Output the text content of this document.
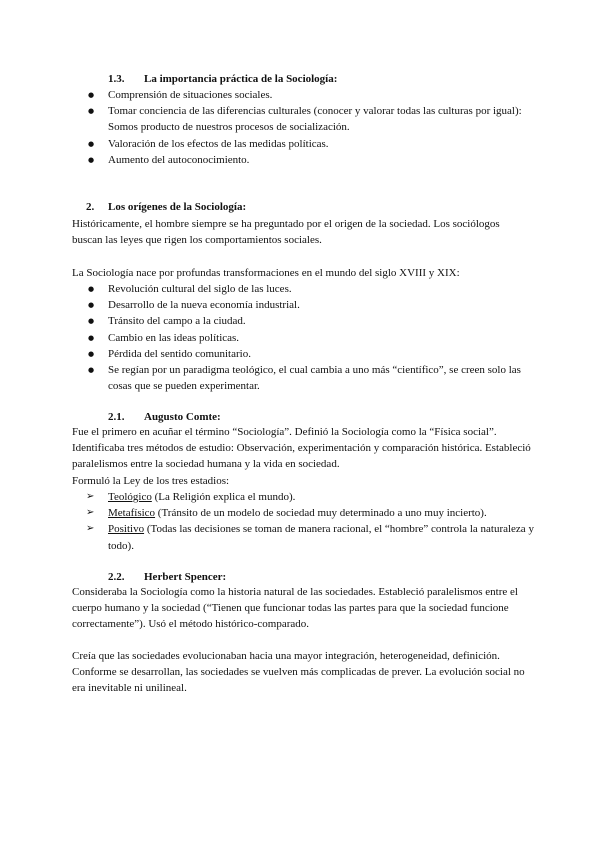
1.3. La importancia práctica de la Sociología:
● Comprensión de situaciones sociales.
● Tomar conciencia de las diferencias culturales (conocer y valorar todas las culturas por igual): Somos producto de nuestros procesos de socialización.
● Valoración de los efectos de las medidas políticas.
● Aumento del autoconocimiento.
2. Los orígenes de la Sociología:
Históricamente, el hombre siempre se ha preguntado por el origen de la sociedad. Los sociólogos buscan las leyes que rigen los comportamientos sociales.
La Sociología nace por profundas transformaciones en el mundo del siglo XVIII y XIX:
● Revolución cultural del siglo de las luces.
● Desarrollo de la nueva economía industrial.
● Tránsito del campo a la ciudad.
● Cambio en las ideas políticas.
● Pérdida del sentido comunitario.
● Se regían por un paradigma teológico, el cual cambia a uno más “científico”, se creen solo las cosas que se pueden experimentar.
2.1. Augusto Comte:
Fue el primero en acuñar el término “Sociología”. Definió la Sociología como la “Física social”. Identificaba tres métodos de estudio: Observación, experimentación y comparación histórica. Estableció paralelismos entre la sociedad humana y la vida en sociedad.
Formuló la Ley de los tres estadios:
➢ Teológico (La Religión explica el mundo).
➢ Metafísico (Tránsito de un modelo de sociedad muy determinado a uno muy incierto).
➢ Positivo (Todas las decisiones se toman de manera racional, el “hombre” controla la naturaleza y todo).
2.2. Herbert Spencer:
Consideraba la Sociología como la historia natural de las sociedades. Estableció paralelismos entre el cuerpo humano y la sociedad (“Tienen que funcionar todas las partes para que la sociedad funcione correctamente”). Usó el método histórico-comparado.
Creía que las sociedades evolucionaban hacia una mayor integración, heterogeneidad, definición. Conforme se desarrollan, las sociedades se vuelven más complicadas de prever. La evolución social no era inevitable ni unilineal.
